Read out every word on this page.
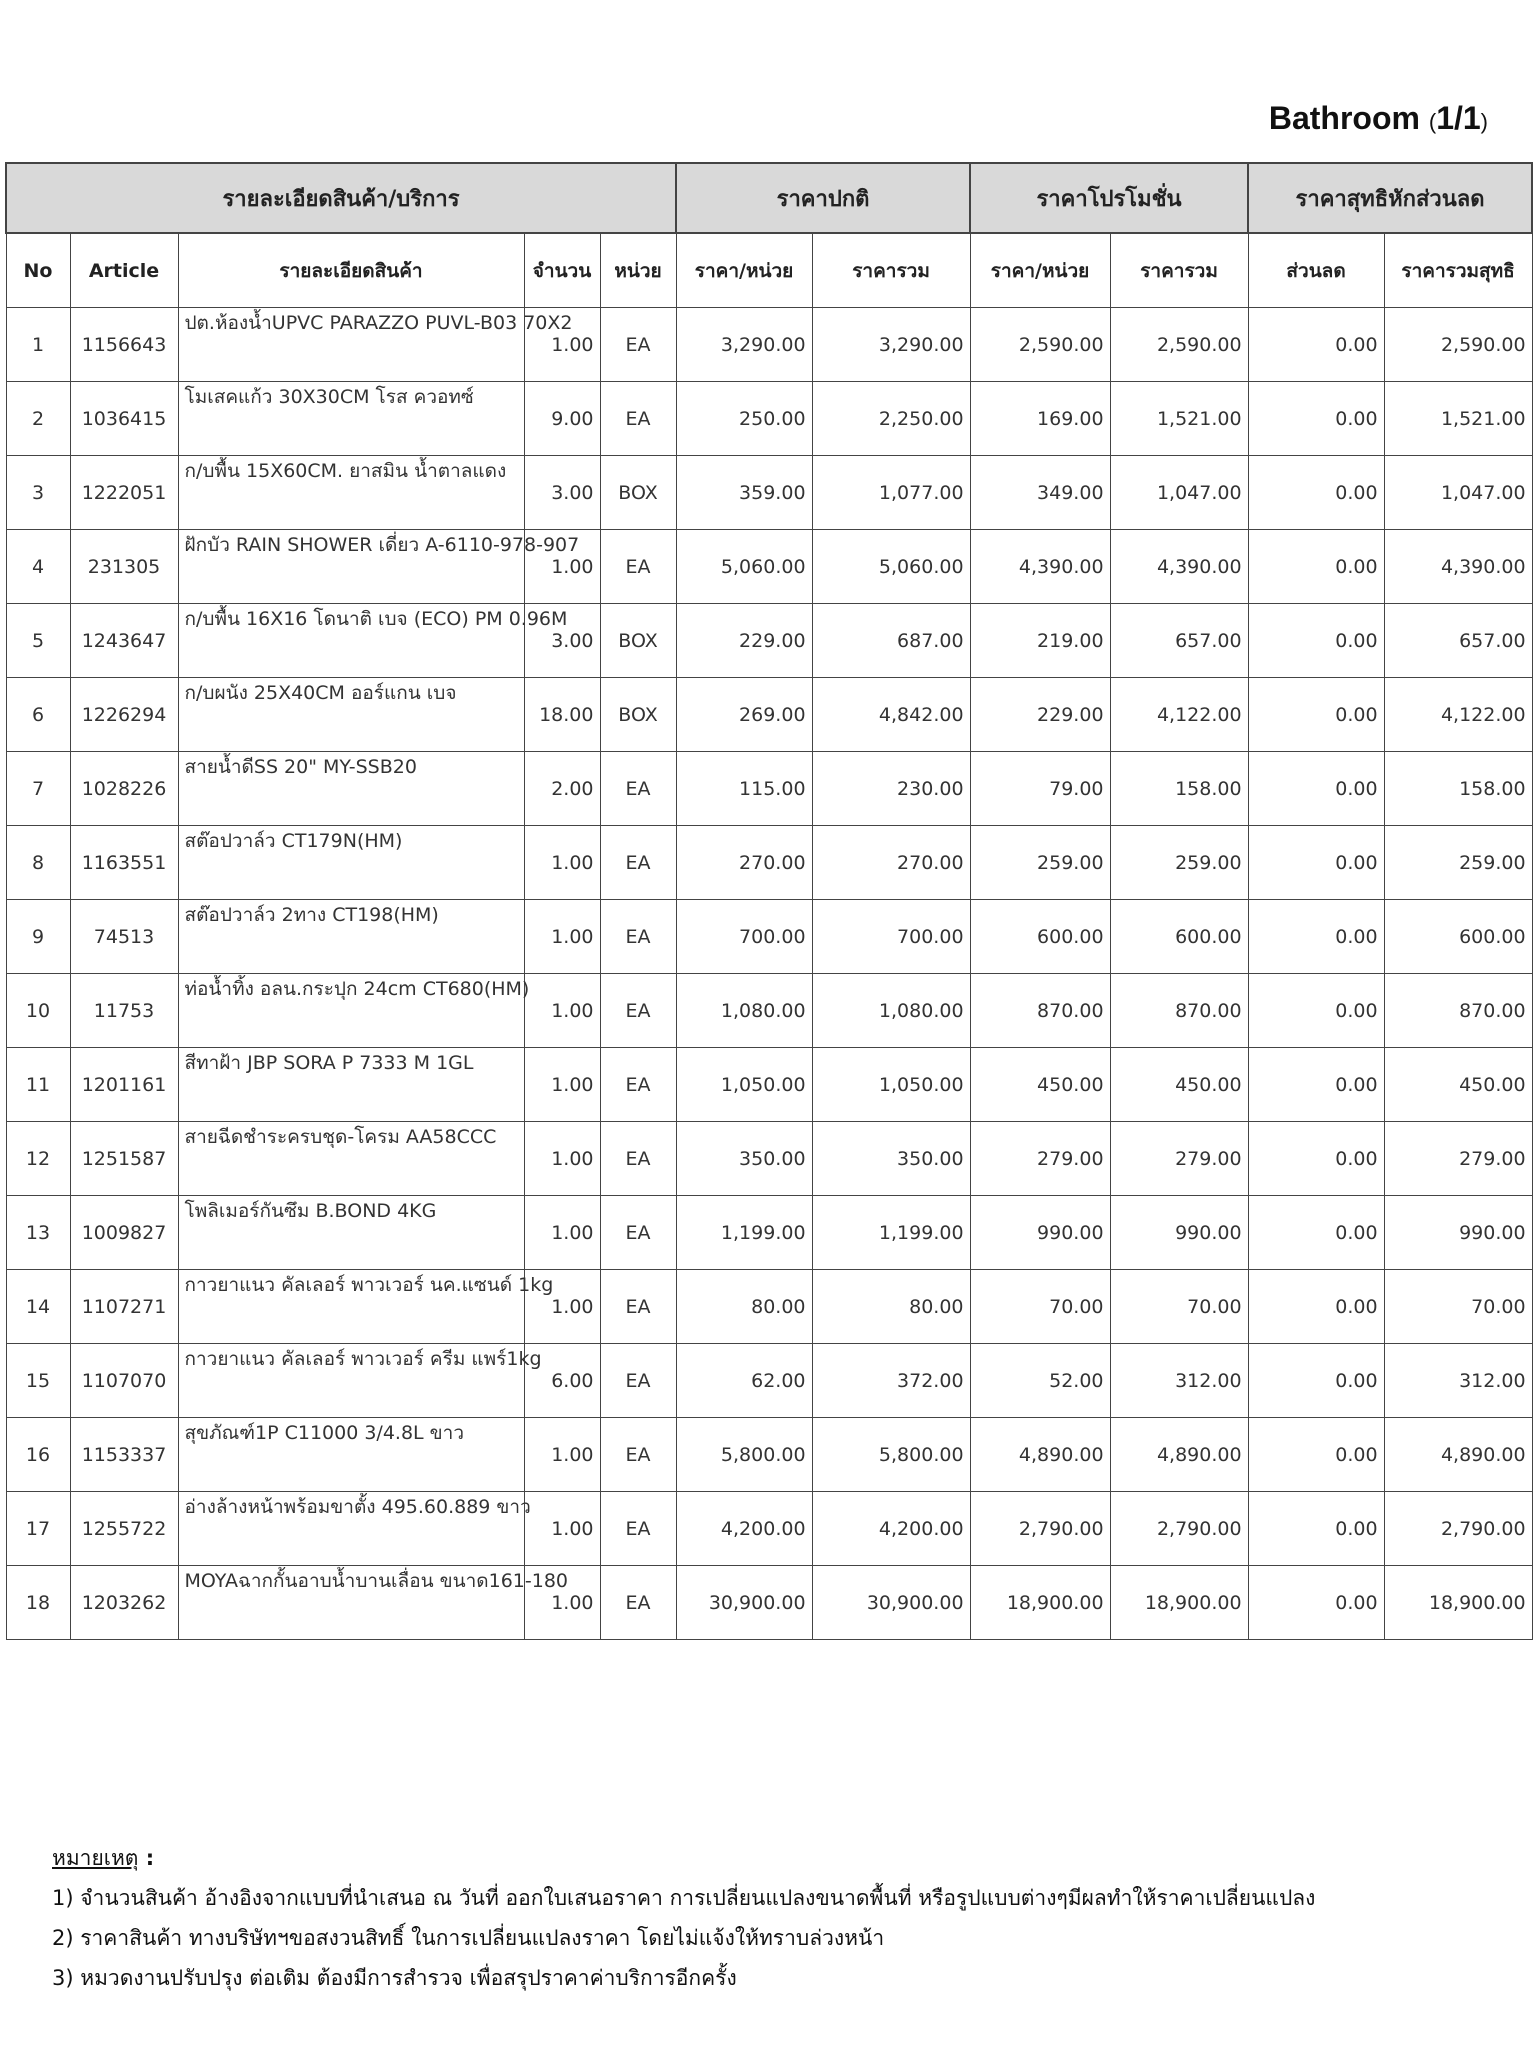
Bathroom (1/1)
รายละเอียดสินค้า/บริการ					ราคาปกติ		ราคาโปรโมชั่น		ราคาสุทธิหักส่วนลด	
No	Article	รายละเอียดสินค้า	จำนวน	หน่วย	ราคา/หน่วย	ราคารวม	ราคา/หน่วย	ราคารวม	ส่วนลด	ราคารวมสุทธิ
1	1156643	ปต.ห้องน้ำUPVC PARAZZO PUVL-B03 70X2	1.00	EA	3,290.00	3,290.00	2,590.00	2,590.00	0.00	2,590.00
2	1036415	โมเสคแก้ว 30X30CM โรส ควอทซ์	9.00	EA	250.00	2,250.00	169.00	1,521.00	0.00	1,521.00
3	1222051	ก/บพื้น 15X60CM. ยาสมิน น้ำตาลแดง	3.00	BOX	359.00	1,077.00	349.00	1,047.00	0.00	1,047.00
4	231305	ฝักบัว RAIN SHOWER เดี่ยว A-6110-978-907	1.00	EA	5,060.00	5,060.00	4,390.00	4,390.00	0.00	4,390.00
5	1243647	ก/บพื้น 16X16 โดนาติ เบจ (ECO) PM 0.96M	3.00	BOX	229.00	687.00	219.00	657.00	0.00	657.00
6	1226294	ก/บผนัง 25X40CM ออร์แกน เบจ	18.00	BOX	269.00	4,842.00	229.00	4,122.00	0.00	4,122.00
7	1028226	สายน้ำดีSS 20" MY-SSB20	2.00	EA	115.00	230.00	79.00	158.00	0.00	158.00
8	1163551	สต๊อปวาล์ว CT179N(HM)	1.00	EA	270.00	270.00	259.00	259.00	0.00	259.00
9	74513	สต๊อปวาล์ว 2ทาง CT198(HM)	1.00	EA	700.00	700.00	600.00	600.00	0.00	600.00
10	11753	ท่อน้ำทิ้ง อลน.กระปุก 24cm CT680(HM)	1.00	EA	1,080.00	1,080.00	870.00	870.00	0.00	870.00
11	1201161	สีทาฝ้า JBP SORA P 7333 M 1GL	1.00	EA	1,050.00	1,050.00	450.00	450.00	0.00	450.00
12	1251587	สายฉีดชำระครบชุด-โครม AA58CCC	1.00	EA	350.00	350.00	279.00	279.00	0.00	279.00
13	1009827	โพลิเมอร์กันซึม B.BOND 4KG	1.00	EA	1,199.00	1,199.00	990.00	990.00	0.00	990.00
14	1107271	กาวยาแนว คัลเลอร์ พาวเวอร์ นค.แซนด์ 1kg	1.00	EA	80.00	80.00	70.00	70.00	0.00	70.00
15	1107070	กาวยาแนว คัลเลอร์ พาวเวอร์ ครีม แพร์1kg	6.00	EA	62.00	372.00	52.00	312.00	0.00	312.00
16	1153337	สุขภัณฑ์1P C11000 3/4.8L ขาว	1.00	EA	5,800.00	5,800.00	4,890.00	4,890.00	0.00	4,890.00
17	1255722	อ่างล้างหน้าพร้อมขาตั้ง 495.60.889 ขาว	1.00	EA	4,200.00	4,200.00	2,790.00	2,790.00	0.00	2,790.00
18	1203262	MOYAฉากกั้นอาบน้ำบานเลื่อน ขนาด161-180	1.00	EA	30,900.00	30,900.00	18,900.00	18,900.00	0.00	18,900.00
หมายเหตุ :
1) จำนวนสินค้า อ้างอิงจากแบบที่นำเสนอ ณ วันที่ ออกใบเสนอราคา การเปลี่ยนแปลงขนาดพื้นที่ หรือรูปแบบต่างๆมีผลทำให้ราคาเปลี่ยนแปลง
2) ราคาสินค้า ทางบริษัทฯขอสงวนสิทธิ์ ในการเปลี่ยนแปลงราคา โดยไม่แจ้งให้ทราบล่วงหน้า
3) หมวดงานปรับปรุง ต่อเติม ต้องมีการสำรวจ เพื่อสรุปราคาค่าบริการอีกครั้ง
